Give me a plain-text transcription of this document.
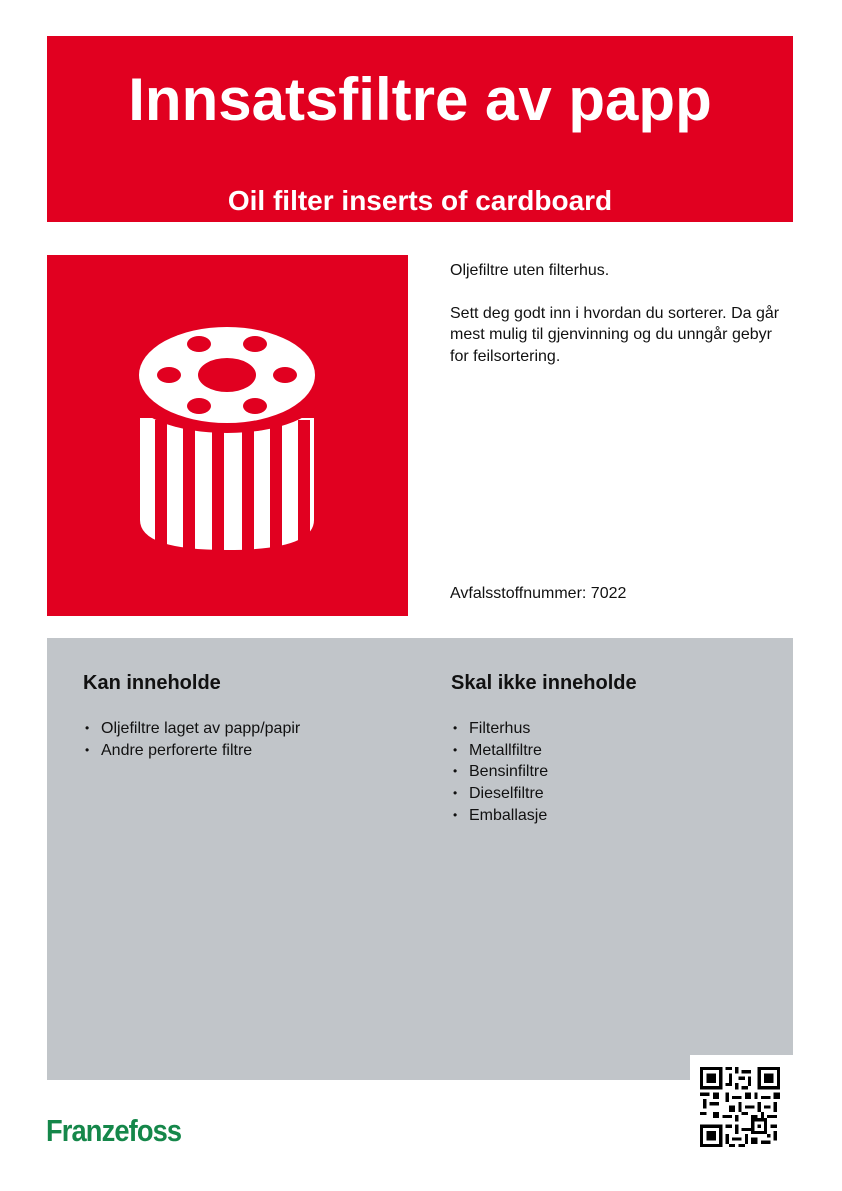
Innsatsfiltre av papp
Oil filter inserts of cardboard

Oljefiltre uten filterhus.

Sett deg godt inn i hvordan du sorterer. Da går mest mulig til gjenvinning og du unngår gebyr for feilsortering.

Avfalsstoffnummer: 7022
Kan inneholde
• Oljefiltre laget av papp/papir
• Andre perforerte filtre
Skal ikke inneholde
• Filterhus
• Metallfiltre
• Bensinfiltre
• Dieselfiltre
• Emballasje
Franzefoss
